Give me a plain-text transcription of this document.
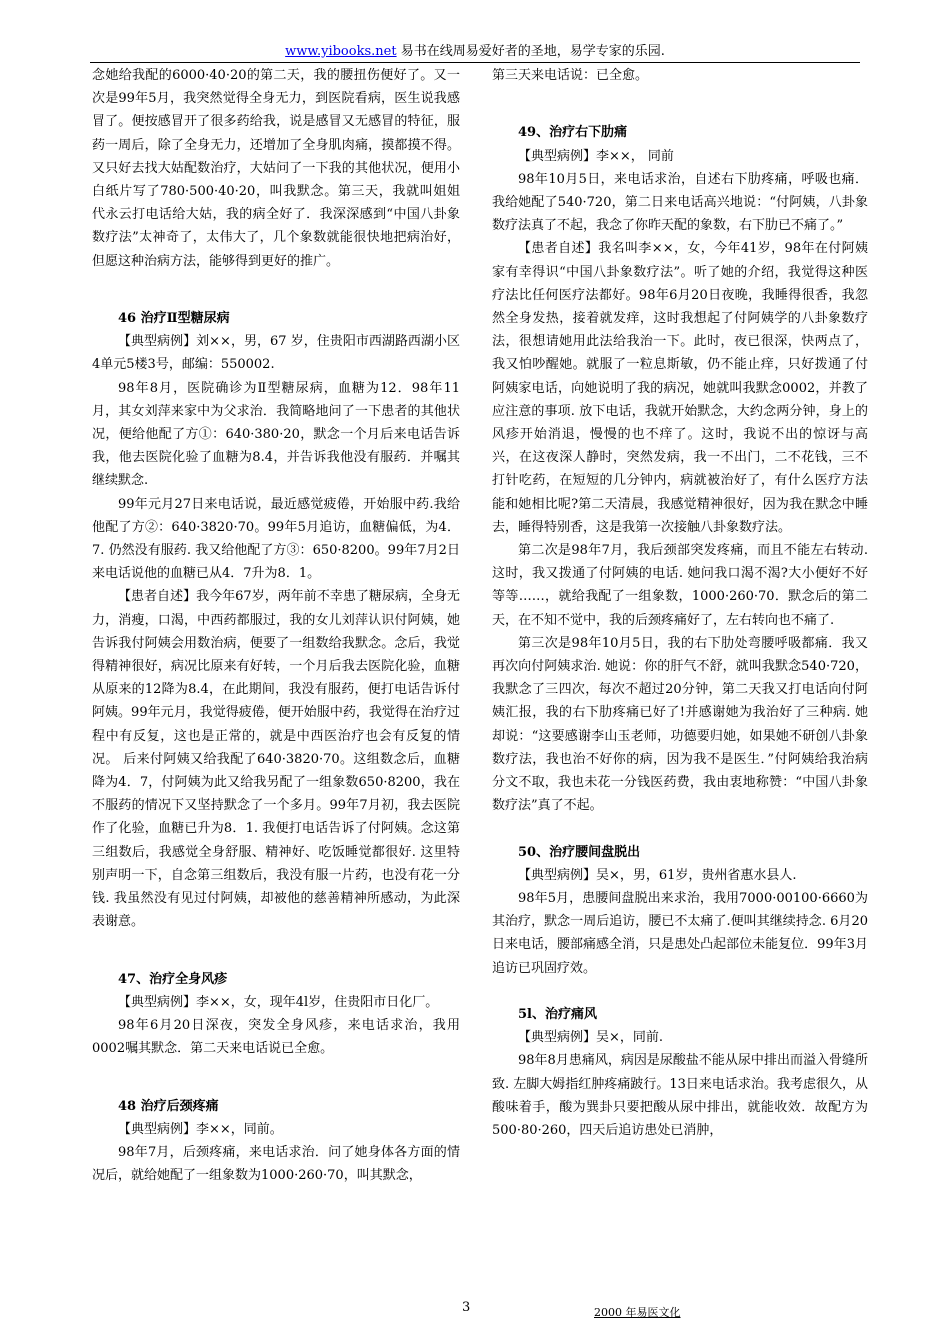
www.yibooks.net 易书在线周易爱好者的圣地，易学专家的乐园.

念她给我配的6000·40·20的第二天，我的腰扭伤便好了。又一次是99年5月，我突然觉得全身无力，到医院看病，医生说我感冒了。便按感冒开了很多药给我，说是感冒又无感冒的特征，服药一周后，除了全身无力，还增加了全身肌肉痛，摸都摸不得。又只好去找大姑配数治疗，大姑问了一下我的其他状况，便用小白纸片写了780·500·40·20，叫我默念。第三天，我就叫姐姐代永云打电话给大姑，我的病全好了．我深深感到“中国八卦象数疗法”太神奇了，太伟大了，几个象数就能很快地把病治好，但愿这种治病方法，能够得到更好的推广。

46 治疗Ⅱ型糖尿病

【典型病例】刘××，男，67 岁，住贵阳市西湖路西湖小区4单元5楼3号，邮编：550002.

98年8月，医院确诊为Ⅱ型糖尿病，血糖为12．98年11月，其女刘萍来家中为父求治．我简略地问了一下患者的其他状况，便给他配了方①：640·380·20，默念一个月后来电话告诉我，他去医院化验了血糖为8.4，并告诉我他没有服药．并嘱其继续默念.

99年元月27日来电话说，最近感觉疲倦，开始服中药.我给他配了方②：640·3820·70。99年5月追访，血糖偏低，为4．7. 仍然没有服药. 我又给他配了方③：650·8200。99年7月2日来电话说他的血糖已从4．7升为8．1。

【患者自述】我今年67岁，两年前不幸患了糖尿病，全身无力，消瘦，口渴，中西药都服过，我的女儿刘萍认识付阿姨，她告诉我付阿姨会用数治病，便要了一组数给我默念。念后，我觉得精神很好，病况比原来有好转，一个月后我去医院化验，血糖从原来的12降为8.4，在此期间，我没有服药，便打电话告诉付阿姨。99年元月，我觉得疲倦，便开始服中药，我觉得在治疗过程中有反复，这也是正常的，就是中西医治疗也会有反复的情况。 后来付阿姨又给我配了640·3820·70。这组数念后，血糖降为4．7，付阿姨为此又给我另配了一组象数650·8200，我在不服药的情况下又坚持默念了一个多月。99年7月初，我去医院作了化验，血糖已升为8．1. 我便打电话告诉了付阿姨。念这第三组数后，我感觉全身舒服、精神好、吃饭睡觉都很好. 这里特别声明一下，自念第三组数后，我没有服一片药，也没有花一分钱. 我虽然没有见过付阿姨，却被他的慈善精神所感动，为此深表谢意。

47、治疗全身风疹

【典型病例】李××，女，现年4l岁，住贵阳市日化厂。

98年6月20日深夜，突发全身风疹，来电话求治，我用0002嘱其默念．第二天来电话说已全愈。

48 治疗后颈疼痛

【典型病例】李××，同前。

98年7月，后颈疼痛，来电话求治．问了她身体各方面的情况后，就给她配了一组象数为1000·260·70，叫其默念，

第三天来电话说：已全愈。

49、治疗右下肋痛

【典型病例】李××， 同前

98年10月5日，来电话求治，自述右下肋疼痛，呼吸也痛．我给她配了540·720，第二日来电话高兴地说：“付阿姨，八卦象数疗法真了不起，我念了你昨天配的象数，右下肋已不痛了。”

【患者自述】我名叫李××，女，今年41岁，98年在付阿姨家有幸得识“中国八卦象数疗法”。听了她的介绍，我觉得这种医疗法比任何医疗法都好。98年6月20日夜晚，我睡得很香，我忽然全身发热，接着就发痒，这时我想起了付阿姨学的八卦象数疗法，很想请她用此法给我治一下。此时，夜已很深，快两点了，我又怕吵醒她。就服了一粒息斯敏，仍不能止痒，只好拨通了付阿姨家电话，向她说明了我的病况，她就叫我默念0002，并教了应注意的事项. 放下电话，我就开始默念，大约念两分钟，身上的风疹开始消退，慢慢的也不痒了。这时，我说不出的惊讶与高兴，在这夜深人静时，突然发病，我一不出门，二不花钱，三不打针吃药，在短短的几分钟内，病就被治好了，有什么医疗方法能和她相比呢?第二天清晨，我感觉精神很好，因为我在默念中睡去，睡得特别香，这是我第一次接触八卦象数疗法。

第二次是98年7月，我后颈部突发疼痛，而且不能左右转动. 这时，我又拨通了付阿姨的电话. 她问我口渴不渴?大小便好不好等等……，就给我配了一组象数，1000·260·70．默念后的第二天，在不知不觉中，我的后颈疼痛好了，左右转向也不痛了.

第三次是98年10月5日，我的右下肋处弯腰呼吸都痛．我又再次向付阿姨求治. 她说：你的肝气不舒，就叫我默念540·720，我默念了三四次，每次不超过20分钟，第二天我又打电话向付阿姨汇报，我的右下肋疼痛已好了!并感谢她为我治好了三种病. 她却说：“这要感谢李山玉老师，功德要归她，如果她不研创八卦象数疗法，我也治不好你的病，因为我不是医生．”付阿姨给我治病分文不取，我也未花一分钱医药费，我由衷地称赞：“中国八卦象数疗法”真了不起。

50、治疗腰间盘脱出

【典型病例】吴×，男，61岁，贵州省惠水县人.

98年5月，患腰间盘脱出来求治，我用7000·00100·6660为其治疗，默念一周后追访，腰已不太痛了.便叫其继续持念. 6月20日来电话，腰部痛感全消，只是患处凸起部位未能复位．99年3月追访已巩固疗效。

5l、治疗痛风

【典型病例】吴×，同前.

98年8月患痛风，病因是尿酸盐不能从尿中排出而溢入骨缝所致. 左脚大姆指红肿疼痛跛行。13日来电话求治。我考虑很久，从酸味着手，酸为巽卦只要把酸从尿中排出，就能收效．故配方为500·80·260，四天后追访患处已消肿，

3	2000 年易医文化
